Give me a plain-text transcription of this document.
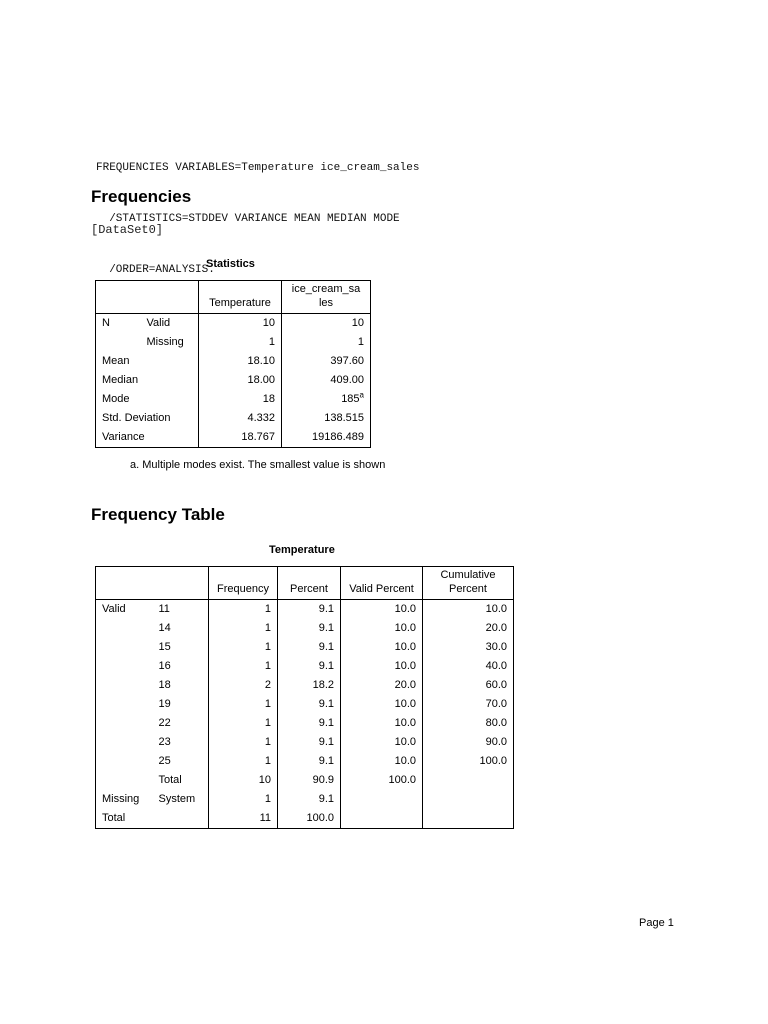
FREQUENCIES VARIABLES=Temperature ice_cream_sales

/STATISTICS=STDDEV VARIANCE MEAN MEDIAN MODE

/ORDER=ANALYSIS.

Frequencies
[DataSet0]
Statistics
		Temperature	ice_cream_sa
les
N	Valid	10	10
	Missing	1	1
Mean		18.10	397.60
Median		18.00	409.00
Mode		18	185$^a$
Std. Deviation		4.332	138.515
Variance		18.767	19186.489
a. Multiple modes exist. The smallest value is shown
Frequency Table
Temperature
		Frequency	Percent	Valid Percent	Cumulative
Percent
Valid	11	1	9.1	10.0	10.0
	14	1	9.1	10.0	20.0
	15	1	9.1	10.0	30.0
	16	1	9.1	10.0	40.0
	18	2	18.2	20.0	60.0
	19	1	9.1	10.0	70.0
	22	1	9.1	10.0	80.0
	23	1	9.1	10.0	90.0
	25	1	9.1	10.0	100.0
	Total	10	90.9	100.0	
Missing	System	1	9.1		
Total		11	100.0		
Page 1
